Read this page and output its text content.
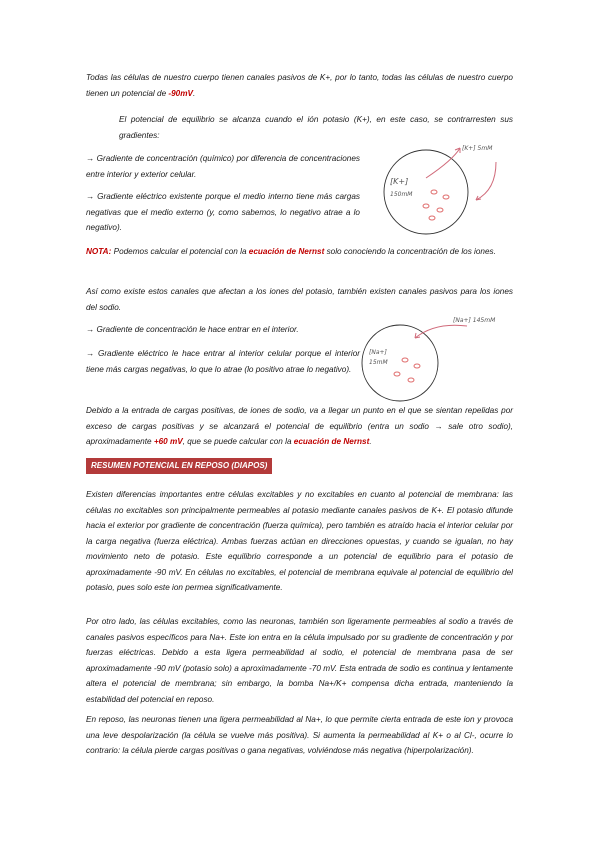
Todas las células de nuestro cuerpo tienen canales pasivos de K+, por lo tanto, todas las células de nuestro cuerpo tienen un potencial de -90mV.

El potencial de equilibrio se alcanza cuando el ión potasio (K+), en este caso, se contrarresten sus gradientes:

→ Gradiente de concentración (químico) por diferencia de concentraciones entre interior y exterior celular.

→ Gradiente eléctrico existente porque el medio interno tiene más cargas negativas que el medio externo (y, como sabemos, lo negativo atrae a lo negativo).

[K+]
150mM
[K+] 5mM

NOTA: Podemos calcular el potencial con la ecuación de Nernst solo conociendo la concentración de los iones.

Así como existe estos canales que afectan a los iones del potasio, también existen canales pasivos para los iones del sodio.

→ Gradiente de concentración le hace entrar en el interior.

→ Gradiente eléctrico le hace entrar al interior celular porque el interior tiene más cargas negativas, lo que lo atrae (lo positivo atrae lo negativo).

[Na+]
15mM
[Na+] 145mM

Debido a la entrada de cargas positivas, de iones de sodio, va a llegar un punto en el que se sientan repelidas por exceso de cargas positivas y se alcanzará el potencial de equilibrio (entra un sodio → sale otro sodio), aproximadamente +60 mV, que se puede calcular con la ecuación de Nernst.

RESUMEN POTENCIAL EN REPOSO (DIAPOS)

Existen diferencias importantes entre células excitables y no excitables en cuanto al potencial de membrana: las células no excitables son principalmente permeables al potasio mediante canales pasivos de K+. El potasio difunde hacia el exterior por gradiente de concentración (fuerza química), pero también es atraído hacia el interior celular por la carga negativa (fuerza eléctrica). Ambas fuerzas actúan en direcciones opuestas, y cuando se igualan, no hay movimiento neto de potasio. Este equilibrio corresponde a un potencial de equilibrio para el potasio de aproximadamente -90 mV. En células no excitables, el potencial de membrana equivale al potencial de equilibrio del potasio, pues solo este ion permea significativamente.

Por otro lado, las células excitables, como las neuronas, también son ligeramente permeables al sodio a través de canales pasivos específicos para Na+. Este ion entra en la célula impulsado por su gradiente de concentración y por fuerzas eléctricas. Debido a esta ligera permeabilidad al sodio, el potencial de membrana pasa de ser aproximadamente -90 mV (potasio solo) a aproximadamente -70 mV. Esta entrada de sodio es continua y lentamente altera el potencial de membrana; sin embargo, la bomba Na+/K+ compensa dicha entrada, manteniendo la estabilidad del potencial en reposo.

En reposo, las neuronas tienen una ligera permeabilidad al Na+, lo que permite cierta entrada de este ion y provoca una leve despolarización (la célula se vuelve más positiva). Si aumenta la permeabilidad al K+ o al Cl-, ocurre lo contrario: la célula pierde cargas positivas o gana negativas, volviéndose más negativa (hiperpolarización).
